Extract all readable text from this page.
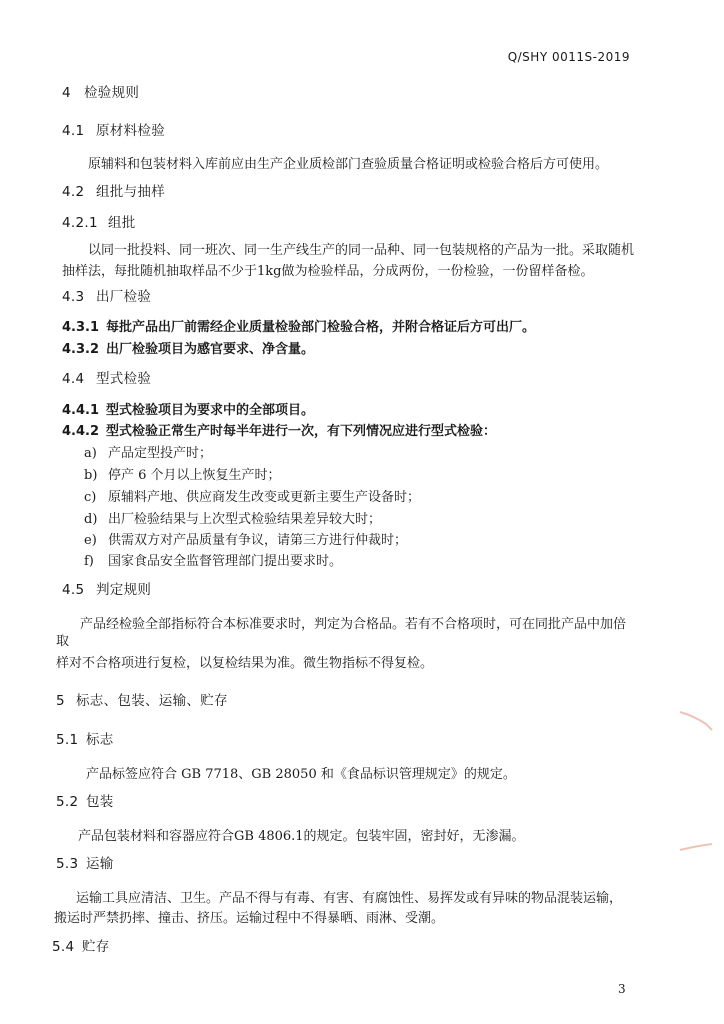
Q/SHY 0011S-2019
4 检验规则
4.1 原材料检验
原辅料和包装材料入库前应由生产企业质检部门查验质量合格证明或检验合格后方可使用。
4.2 组批与抽样
4.2.1 组批
以同一批投料、同一班次、同一生产线生产的同一品种、同一包装规格的产品为一批。采取随机
抽样法，每批随机抽取样品不少于1kg做为检验样品，分成两份，一份检验，一份留样备检。
4.3 出厂检验
4.3.1 每批产品出厂前需经企业质量检验部门检验合格，并附合格证后方可出厂。
4.3.2 出厂检验项目为感官要求、净含量。
4.4 型式检验
4.4.1 型式检验项目为要求中的全部项目。
4.4.2 型式检验正常生产时每半年进行一次，有下列情况应进行型式检验：
a) 产品定型投产时；
b) 停产 6 个月以上恢复生产时；
c) 原辅料产地、供应商发生改变或更新主要生产设备时；
d) 出厂检验结果与上次型式检验结果差异较大时；
e) 供需双方对产品质量有争议，请第三方进行仲裁时；
f) 国家食品安全监督管理部门提出要求时。
4.5 判定规则
产品经检验全部指标符合本标准要求时，判定为合格品。若有不合格项时，可在同批产品中加倍
取
样对不合格项进行复检，以复检结果为准。微生物指标不得复检。
5 标志、包装、运输、贮存
5.1 标志
产品标签应符合 GB 7718、GB 28050 和《食品标识管理规定》的规定。
5.2 包装
产品包装材料和容器应符合GB 4806.1的规定。包装牢固，密封好，无渗漏。
5.3 运输
运输工具应清洁、卫生。产品不得与有毒、有害、有腐蚀性、易挥发或有异味的物品混装运输，
搬运时严禁扔摔、撞击、挤压。运输过程中不得暴晒、雨淋、受潮。
5.4 贮存
3
